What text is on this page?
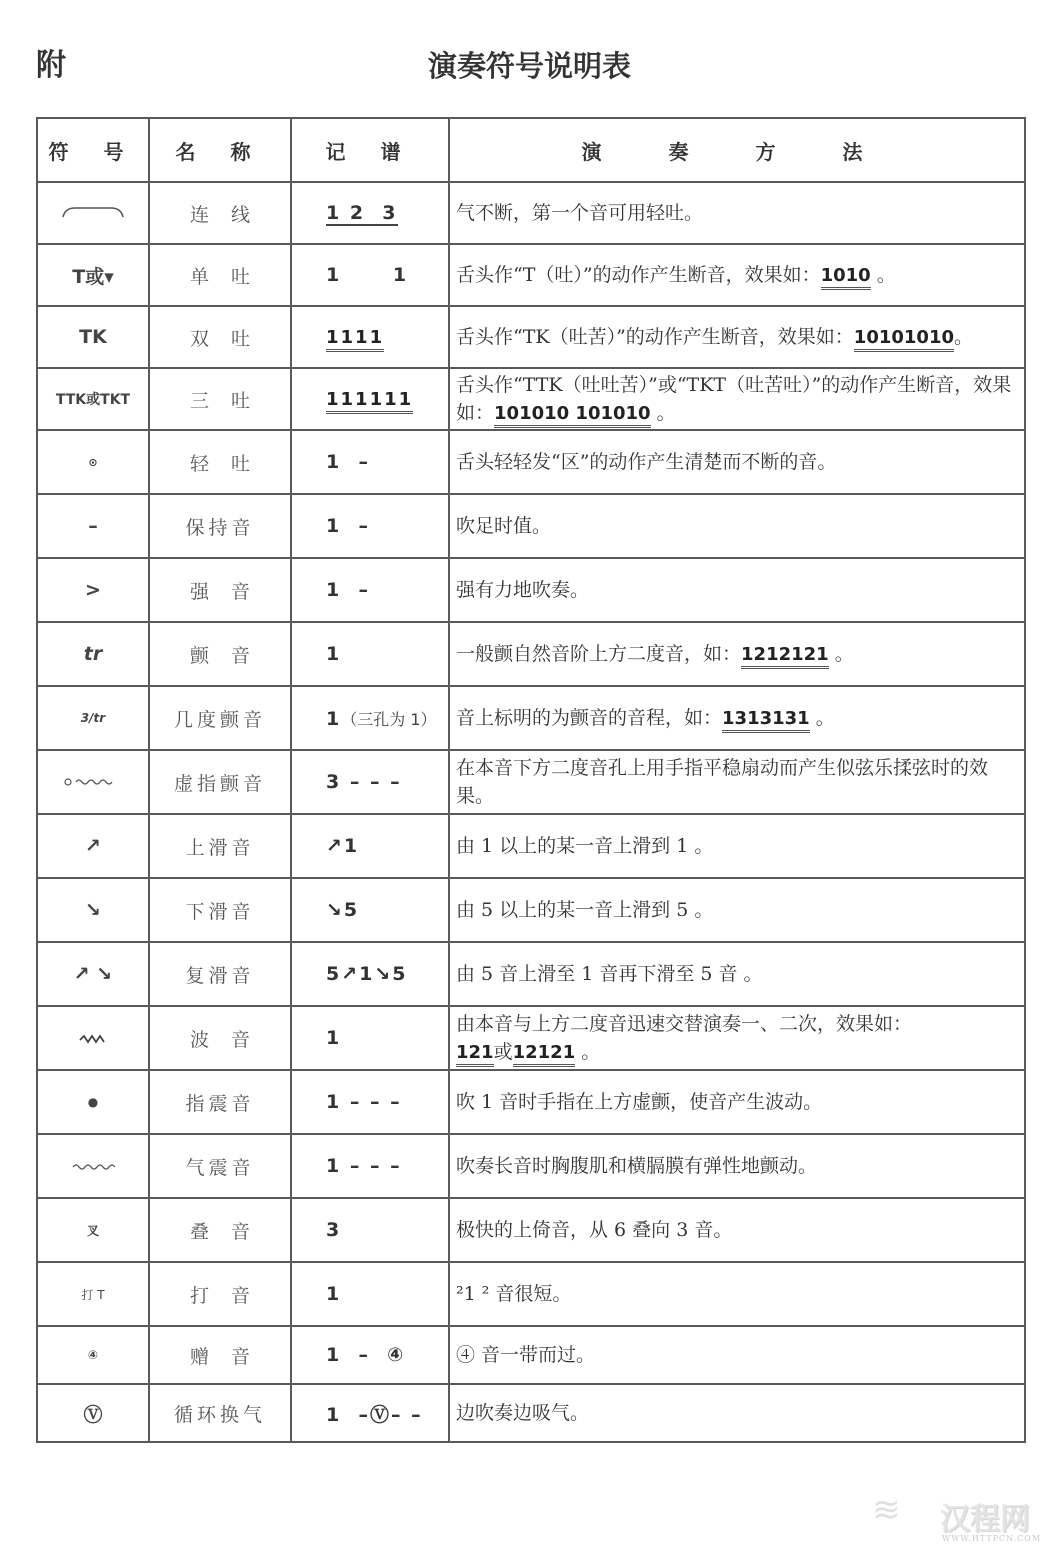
附	演奏符号说明表
符 号	名 称	记 谱	演 奏 方 法
	连线	1 2  3	气不断，第一个音可用轻吐。
T或▾	单吐	1      1	舌头作“T（吐）”的动作产生断音，效果如：1010 。
TK	双吐	1111	舌头作“TK（吐苦）”的动作产生断音，效果如：10101010。
TTK或TKT	三吐	111111	舌头作“TTK（吐吐苦）”或“TKT（吐苦吐）”的动作产生断音，效果如：101010 101010 。
⊙	轻吐	1  –	舌头轻轻发“区”的动作产生清楚而不断的音。
–	保持音	1  –	吹足时值。
>	强音	1  –	强有力地吹奏。
tr	颤音	1	一般颤自然音阶上方二度音，如：1212121 。
3/tr	几度颤音	1（三孔为 1）	音上标明的为颤音的音程，如：1313131 。
	虚指颤音	3 – – –	在本音下方二度音孔上用手指平稳扇动而产生似弦乐揉弦时的效果。
↗	上滑音	↗1	由 1 以上的某一音上滑到 1 。
↘	下滑音	↘5	由 5 以上的某一音上滑到 5 。
↗ ↘	复滑音	5↗1↘5	由 5 音上滑至 1 音再下滑至 5 音 。
	波音	1	由本音与上方二度音迅速交替演奏一、二次，效果如：
121或12121 。
●	指震音	1 – – –	吹 1 音时手指在上方虚颤，使音产生波动。
	气震音	1 – – –	吹奏长音时胸腹肌和横膈膜有弹性地颤动。
叉	叠音	3	极快的上倚音，从 6 叠向 3 音。
打 T	打音	1	²1 ² 音很短。
④	赠音	1  –  ④	④ 音一带而过。
Ⓥ	循环换气	1  –Ⓥ– –	边吹奏边吸气。
≋ 汉程网
WWW.HTTPCN.COM
